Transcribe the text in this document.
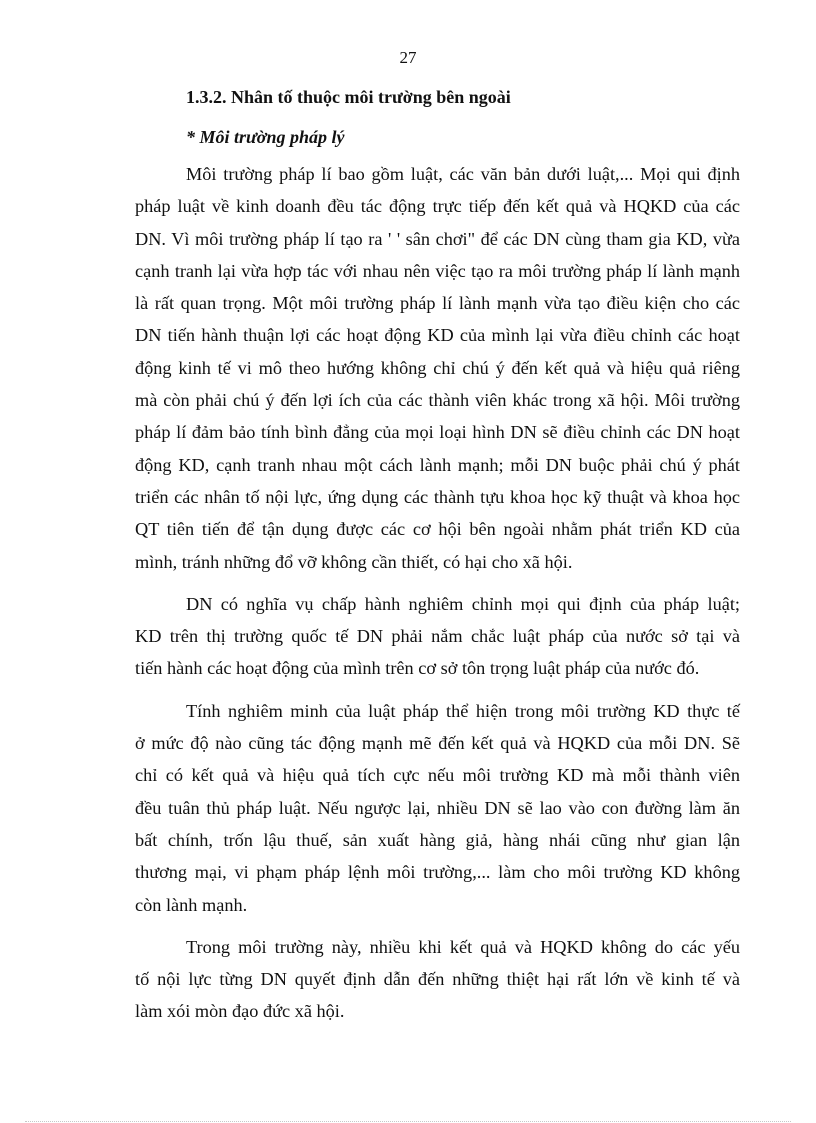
27
1.3.2. Nhân tố thuộc môi trường bên ngoài
* Môi trường pháp lý
Môi trường pháp lí bao gồm luật, các văn bản dưới luật,... Mọi qui định
pháp luật về kinh doanh đều tác động trực tiếp đến kết quả và HQKD của các
DN. Vì môi trường pháp lí tạo ra ' ' sân chơi" để các DN cùng tham gia KD, vừa
cạnh tranh lại vừa hợp tác với nhau nên việc tạo ra môi trường pháp lí lành mạnh
là rất quan trọng. Một môi trường pháp lí lành mạnh vừa tạo điều kiện cho các
DN tiến hành thuận lợi các hoạt động KD của mình lại vừa điều chỉnh các hoạt
động kinh tế vi mô theo hướng không chỉ chú ý đến kết quả và hiệu quả riêng
mà còn phải chú ý đến lợi ích của các thành viên khác trong xã hội. Môi trường
pháp lí đảm bảo tính bình đẳng của mọi loại hình DN sẽ điều chỉnh các DN hoạt
động KD, cạnh tranh nhau một cách lành mạnh; mỗi DN buộc phải chú ý phát
triển các nhân tố nội lực, ứng dụng các thành tựu khoa học kỹ thuật và khoa học
QT tiên tiến để tận dụng được các cơ hội bên ngoài nhằm phát triển KD của
mình, tránh những đổ vỡ không cần thiết, có hại cho xã hội.
DN có nghĩa vụ chấp hành nghiêm chỉnh mọi qui định của pháp luật;
KD trên thị trường quốc tế DN phải nắm chắc luật pháp của nước sở tại và
tiến hành các hoạt động của mình trên cơ sở tôn trọng luật pháp của nước đó.
Tính nghiêm minh của luật pháp thể hiện trong môi trường KD thực tế
ở mức độ nào cũng tác động mạnh mẽ đến kết quả và HQKD của mỗi DN. Sẽ
chỉ có kết quả và hiệu quả tích cực nếu môi trường KD mà mỗi thành viên
đều tuân thủ pháp luật. Nếu ngược lại, nhiều DN sẽ lao vào con đường làm ăn
bất chính, trốn lậu thuế, sản xuất hàng giả, hàng nhái cũng như gian lận
thương mại, vi phạm pháp lệnh môi trường,... làm cho môi trường KD không
còn lành mạnh.
Trong môi trường này, nhiều khi kết quả và HQKD không do các yếu
tố nội lực từng DN quyết định dẫn đến những thiệt hại rất lớn về kinh tế và
làm xói mòn đạo đức xã hội.
